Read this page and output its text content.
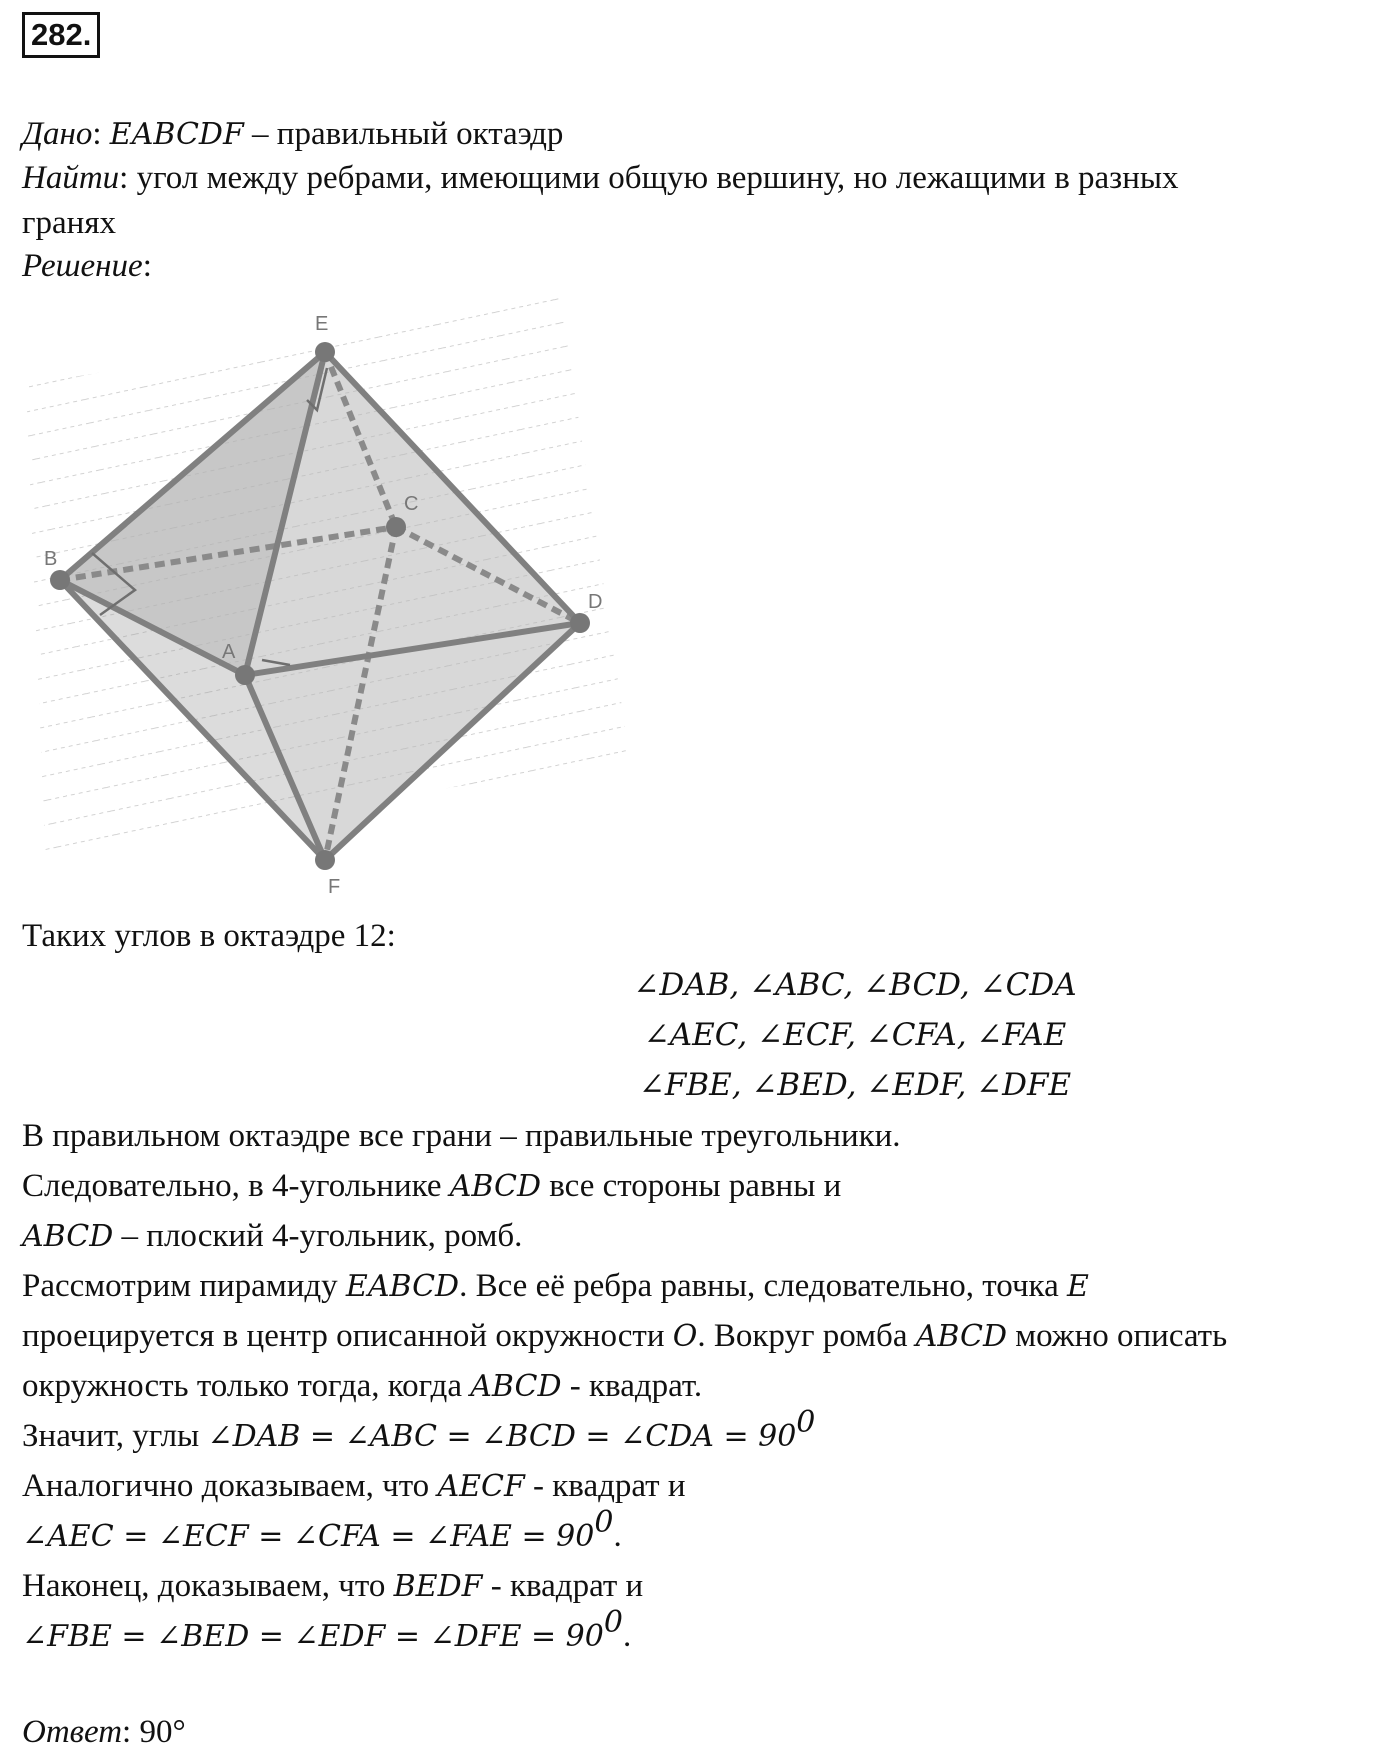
282.
Дано: EABCDF – правильный октаэдр
Найти: угол между ребрами, имеющими общую вершину, но лежащими в разных
гранях
Решение:
E
B
C
D
A
F
Таких углов в октаэдре 12:
∠DAB, ∠ABC, ∠BCD, ∠CDA
∠AEC, ∠ECF, ∠CFA, ∠FAE
∠FBE, ∠BED, ∠EDF, ∠DFE
В правильном октаэдре все грани – правильные треугольники.
Следовательно, в 4-угольнике ABCD все стороны равны и
ABCD – плоский 4-угольник, ромб.
Рассмотрим пирамиду EABCD. Все её ребра равны, следовательно, точка E
проецируется в центр описанной окружности O. Вокруг ромба ABCD можно описать
окружность только тогда, когда ABCD - квадрат.
Значит, углы ∠DAB = ∠ABC = ∠BCD = ∠CDA = $90^0$
Аналогично доказываем, что AECF - квадрат и
∠AEC = ∠ECF = ∠CFA = ∠FAE = $90^0$.
Наконец, доказываем, что BEDF - квадрат и
∠FBE = ∠BED = ∠EDF = ∠DFE = $90^0$.
Ответ: 90°
